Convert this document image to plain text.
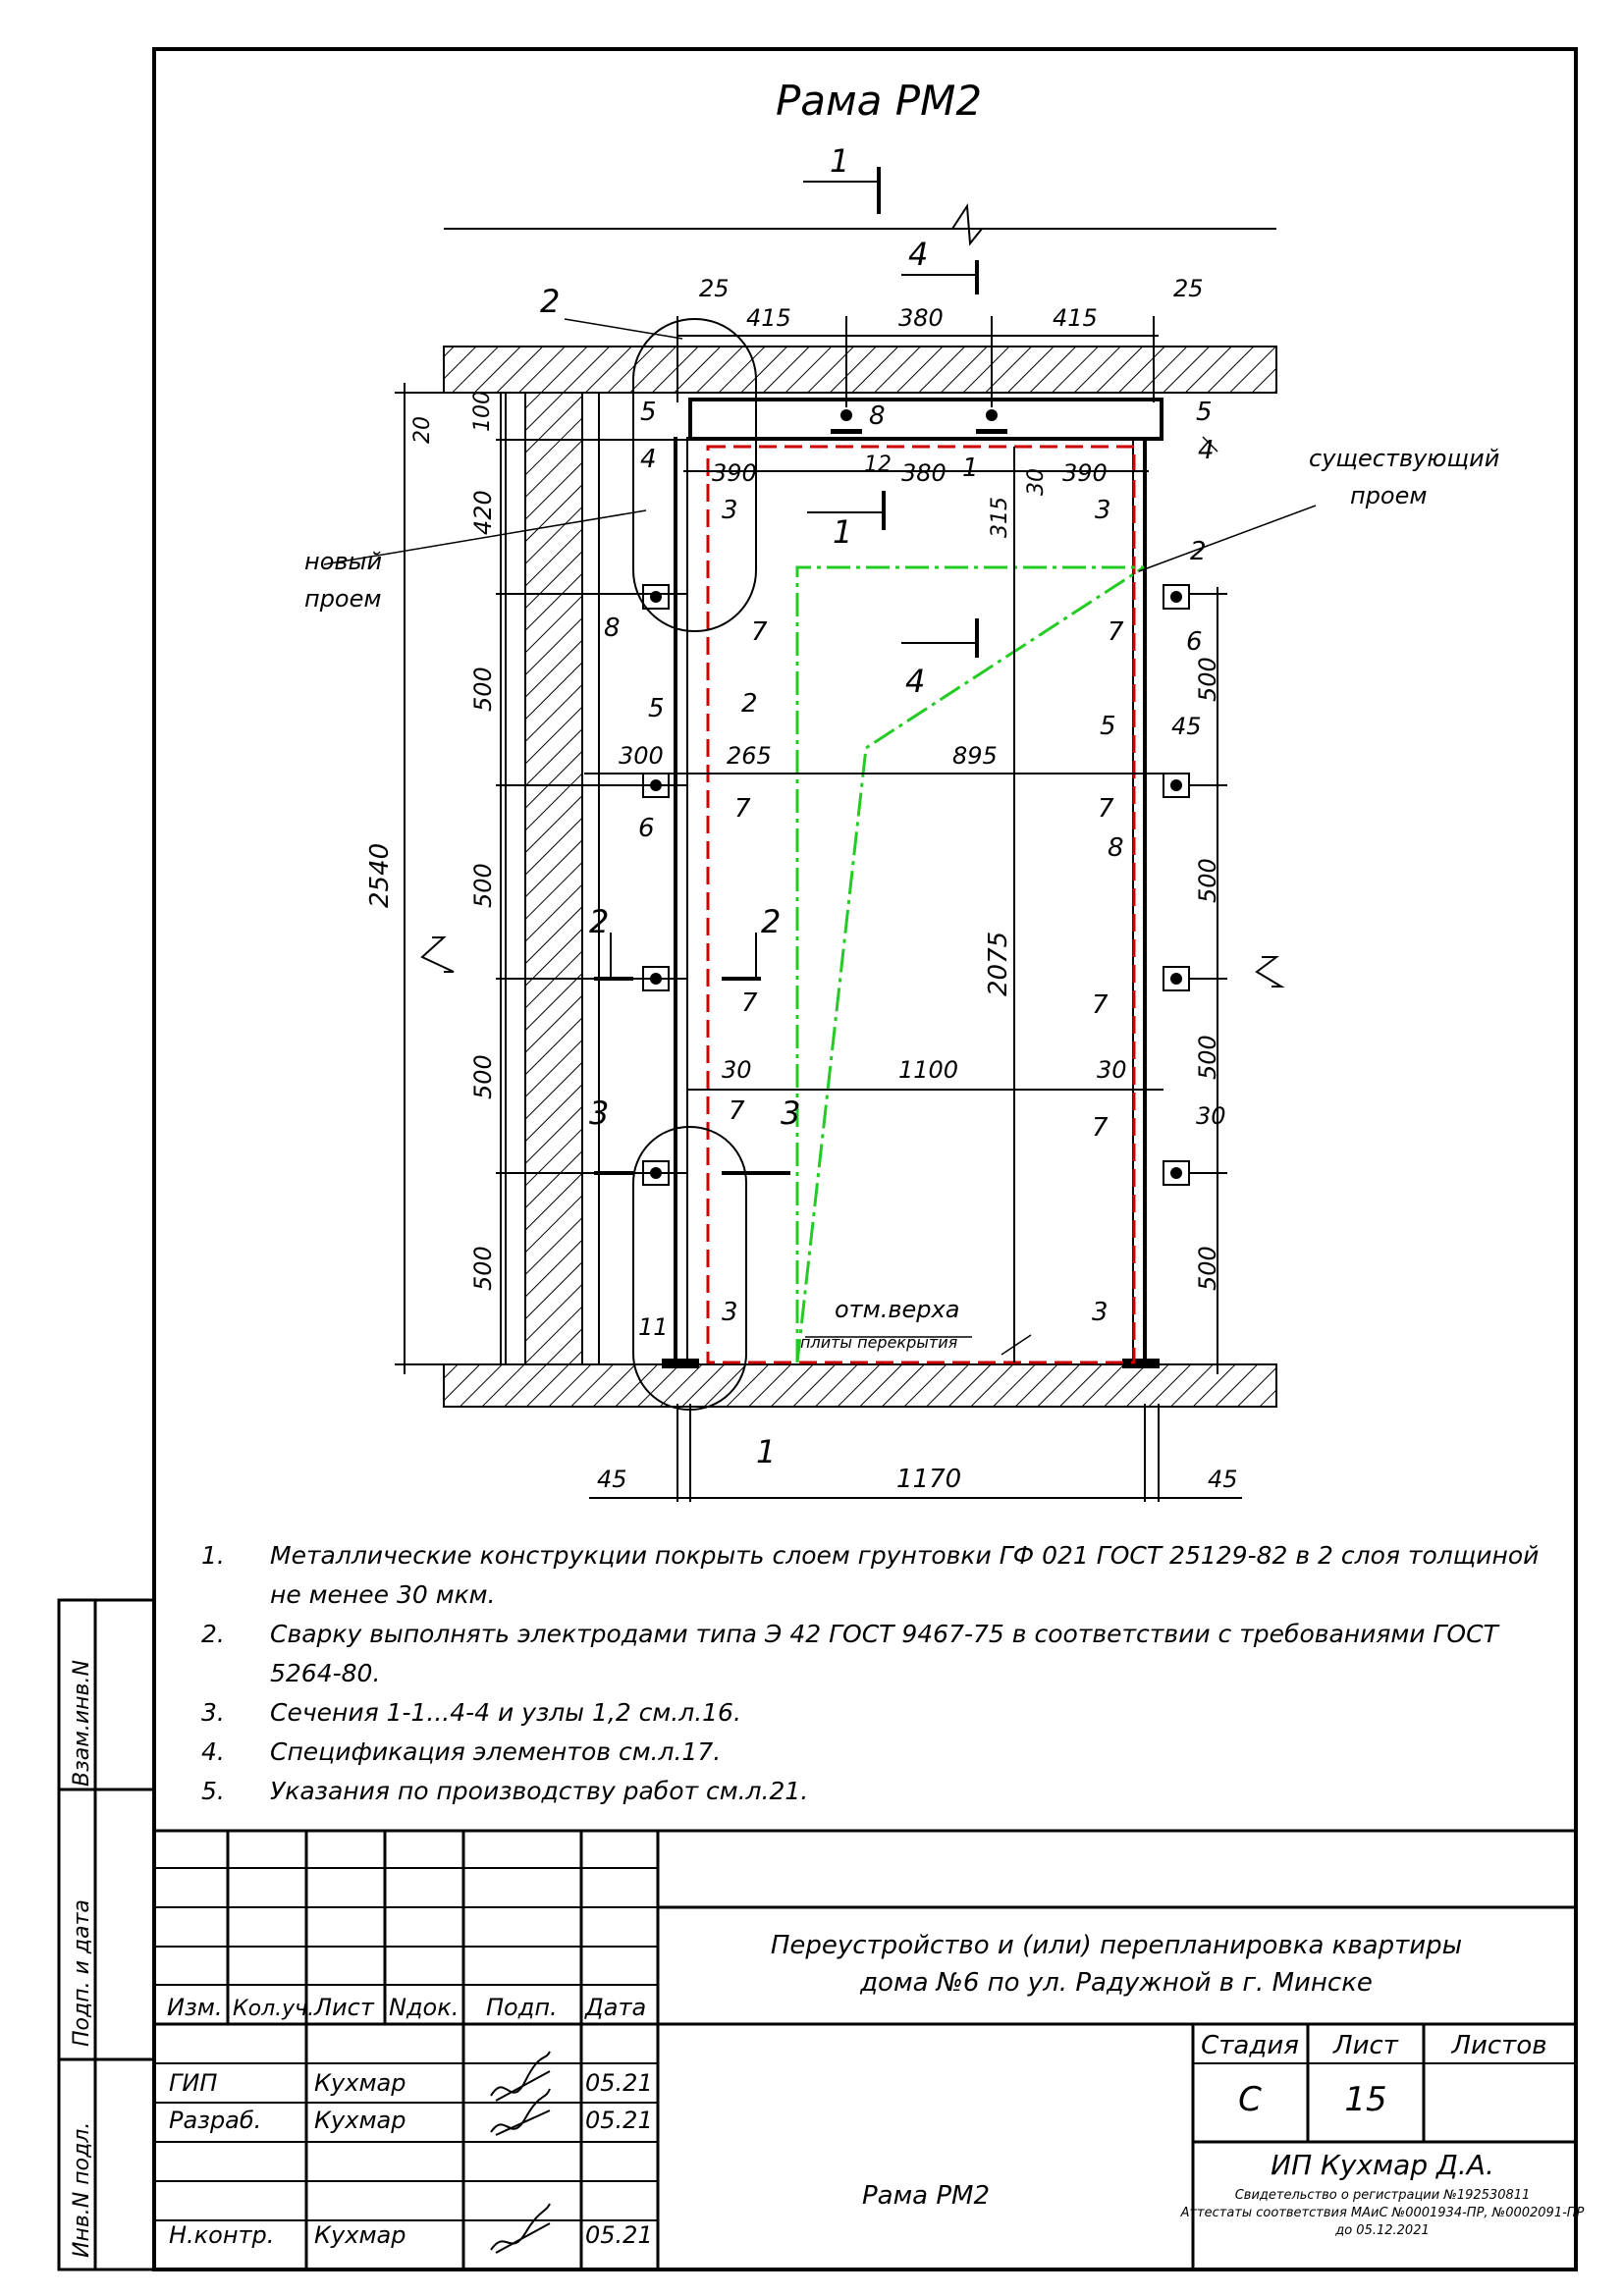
Взам.инв.N
Подп. и дата
Инв.N подл.
Рама РМ2
1
4
1
4
2	2
3	3
1
2
новый
проем
существующий
проем
отм.верха
плиты перекрытия
25	25
415	380	415
20 100
420
500
500
500
500
2540
390	12 380	30 390
315
300	265	895
500
500
500
500
30	1100	30
30
2075
45	1170	45
45
5
4
3
8
1
5
4
3
2
7
8	7 6
5	2
7
6
5
7
8
7	7
7
7
11 3	3
Изм. Кол.уч. Лист Nдок. Подп. Дата
ГИП	Кухмар	05.21
Разраб. Кухмар	05.21
Н.контр. Кухмар	05.21
Переустройство и (или) перепланировка квартиры
дома №6 по ул. Радужной в г. Минске
Рама РМ2
Стадия Лист Листов
С 15
ИП Кухмар Д.А.
Свидетельство о регистрации №192530811
Аттестаты соответствия МАиС №0001934-ПР, №0002091-ПР
до 05.12.2021
1.	Металлические конструкции покрыть слоем грунтовки ГФ 021 ГОСТ 25129-82 в 2 слоя толщиной не менее 30 мкм.
2.	Сварку выполнять электродами типа Э 42 ГОСТ 9467-75 в соответствии с требованиями ГОСТ 5264-80.
3.	Сечения 1-1...4-4 и узлы 1,2 см.л.16.
4.	Спецификация элементов см.л.17.
5.	Указания по производству работ см.л.21.
